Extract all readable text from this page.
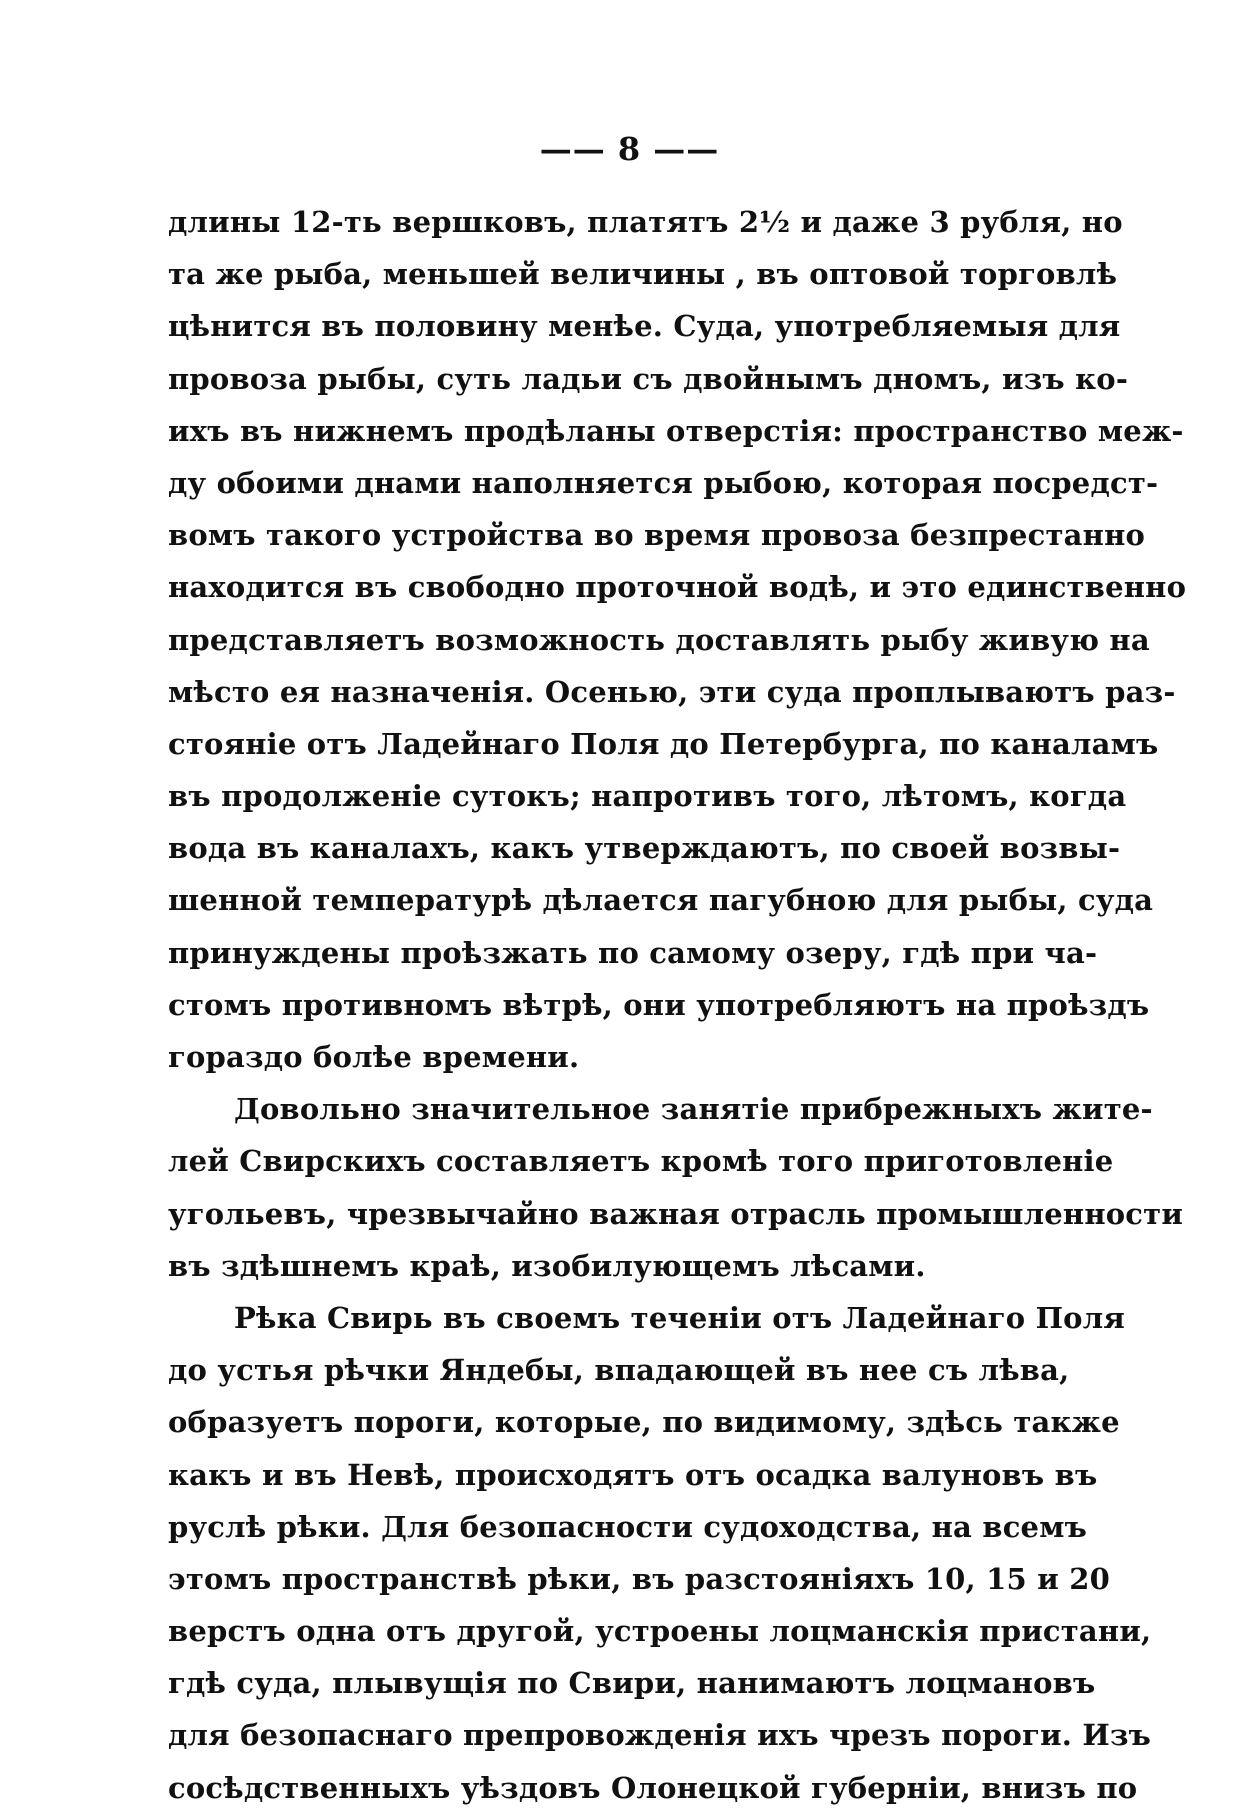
—— 8 ——
длины 12-ть вершковъ, платятъ 2⅟₂ и даже 3 рубля, но
та же рыба, меньшей величины , въ оптовой торговлѣ
цѣнится въ половину менѣе. Суда, употребляемыя для
провоза рыбы, суть ладьи съ двойнымъ дномъ, изъ ко-
ихъ въ нижнемъ продѣланы отверстія: пространство меж-
ду обоими днами наполняется рыбою, которая посредст-
вомъ такого устройства во время провоза безпрестанно
находится въ свободно проточной водѣ, и это единственно
представляетъ возможность доставлять рыбу живую на
мѣсто ея назначенія. Осенью, эти суда проплываютъ раз-
стояніе отъ Ладейнаго Поля до Петербурга, по каналамъ
въ продолженіе сутокъ; напротивъ того, лѣтомъ, когда
вода въ каналахъ, какъ утверждаютъ, по своей возвы-
шенной температурѣ дѣлается пагубною для рыбы, суда
принуждены проѣзжать по самому озеру, гдѣ при ча-
стомъ противномъ вѣтрѣ, они употребляютъ на проѣздъ
гораздо болѣе времени.
Довольно значительное занятіе прибрежныхъ жите-
лей Свирскихъ составляетъ кромѣ того приготовленіе
угольевъ, чрезвычайно важная отрасль промышленности
въ здѣшнемъ краѣ, изобилующемъ лѣсами.
Рѣка Свирь въ своемъ теченіи отъ Ладейнаго Поля
до устья рѣчки Яндебы, впадающей въ нее съ лѣва,
образуетъ пороги, которые, по видимому, здѣсь также
какъ и въ Невѣ, происходятъ отъ осадка валуновъ въ
руслѣ рѣки. Для безопасности судоходства, на всемъ
этомъ пространствѣ рѣки, въ разстояніяхъ 10, 15 и 20
верстъ одна отъ другой, устроены лоцманскія пристани,
гдѣ суда, плывущія по Свири, нанимаютъ лоцмановъ
для безопаснаго препровожденія ихъ чрезъ пороги. Изъ
сосѣдственныхъ уѣздовъ Олонецкой губерніи, внизъ по
